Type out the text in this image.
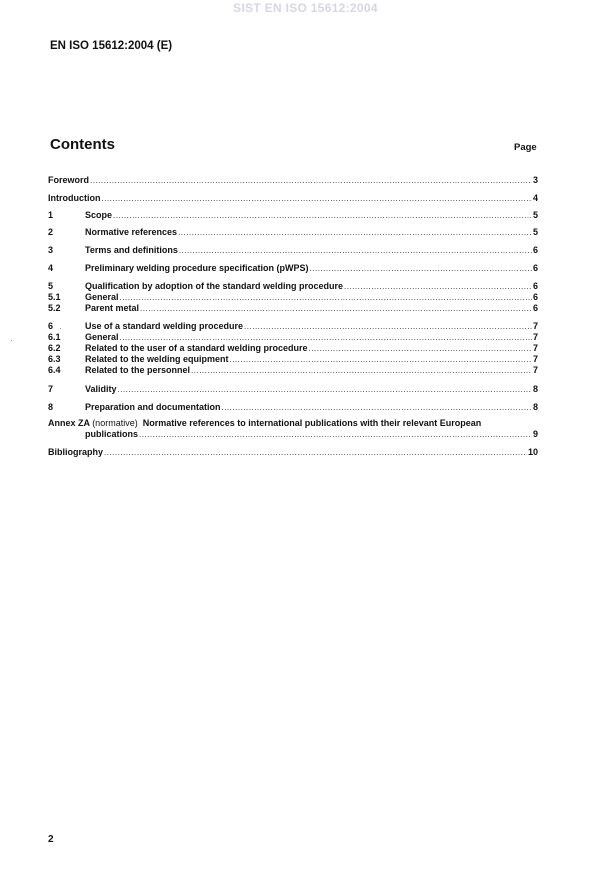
SIST EN ISO 15612:2004
EN ISO 15612:2004 (E)
Contents	Page
Foreword .....	3
Introduction .....	4
1	Scope .....	5
2	Normative references .....	5
3	Terms and definitions .....	6
4	Preliminary welding procedure specification (pWPS) .....	6
5	Qualification by adoption of the standard welding procedure .....	6
5.1	General .....	6
5.2	Parent metal .....	6
6	Use of a standard welding procedure .....	7
6.1	General .....	7
6.2	Related to the user of a standard welding procedure .....	7
6.3	Related to the welding equipment .....	7
6.4	Related to the personnel .....	7
7	Validity .....	8
8	Preparation and documentation .....	8
Annex ZA (normative) Normative references to international publications with their relevant European
publications .....	9
Bibliography .....	10
·
·
2
